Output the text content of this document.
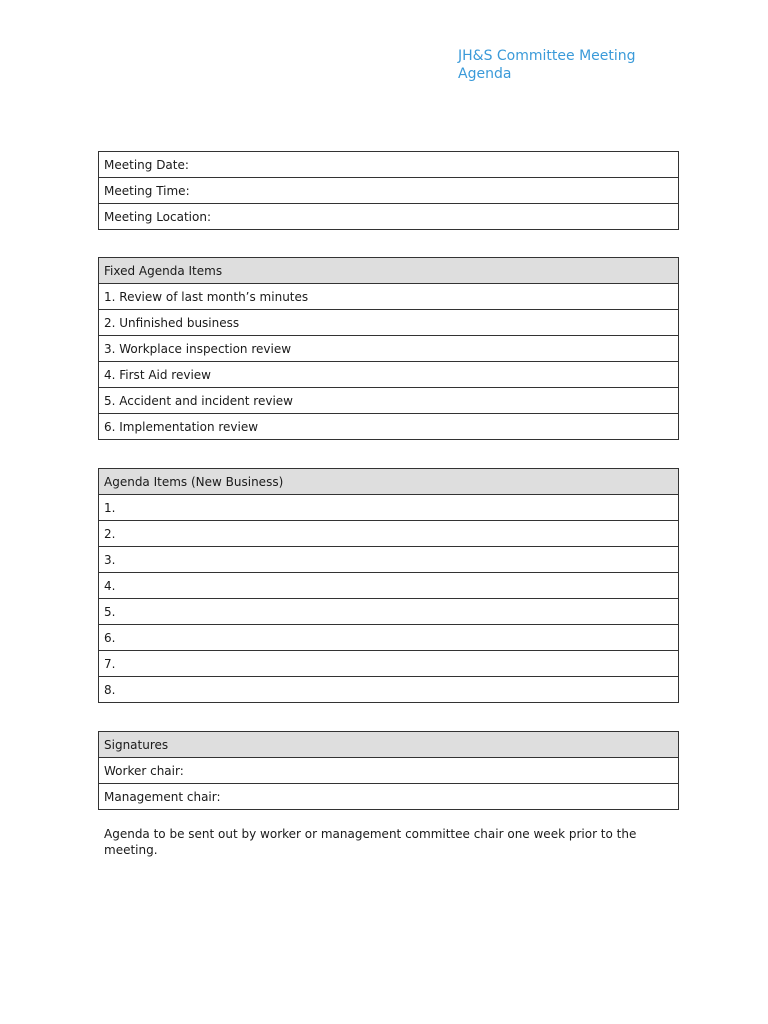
JH&S Committee Meeting
Agenda
Meeting Date:
Meeting Time:
Meeting Location:
Fixed Agenda Items
1. Review of last month’s minutes
2. Unfinished business
3. Workplace inspection review
4. First Aid review
5. Accident and incident review
6. Implementation review
Agenda Items (New Business)
1.
2.
3.
4.
5.
6.
7.
8.
Signatures
Worker chair:
Management chair:
Agenda to be sent out by worker or management committee chair one week prior to the meeting.
